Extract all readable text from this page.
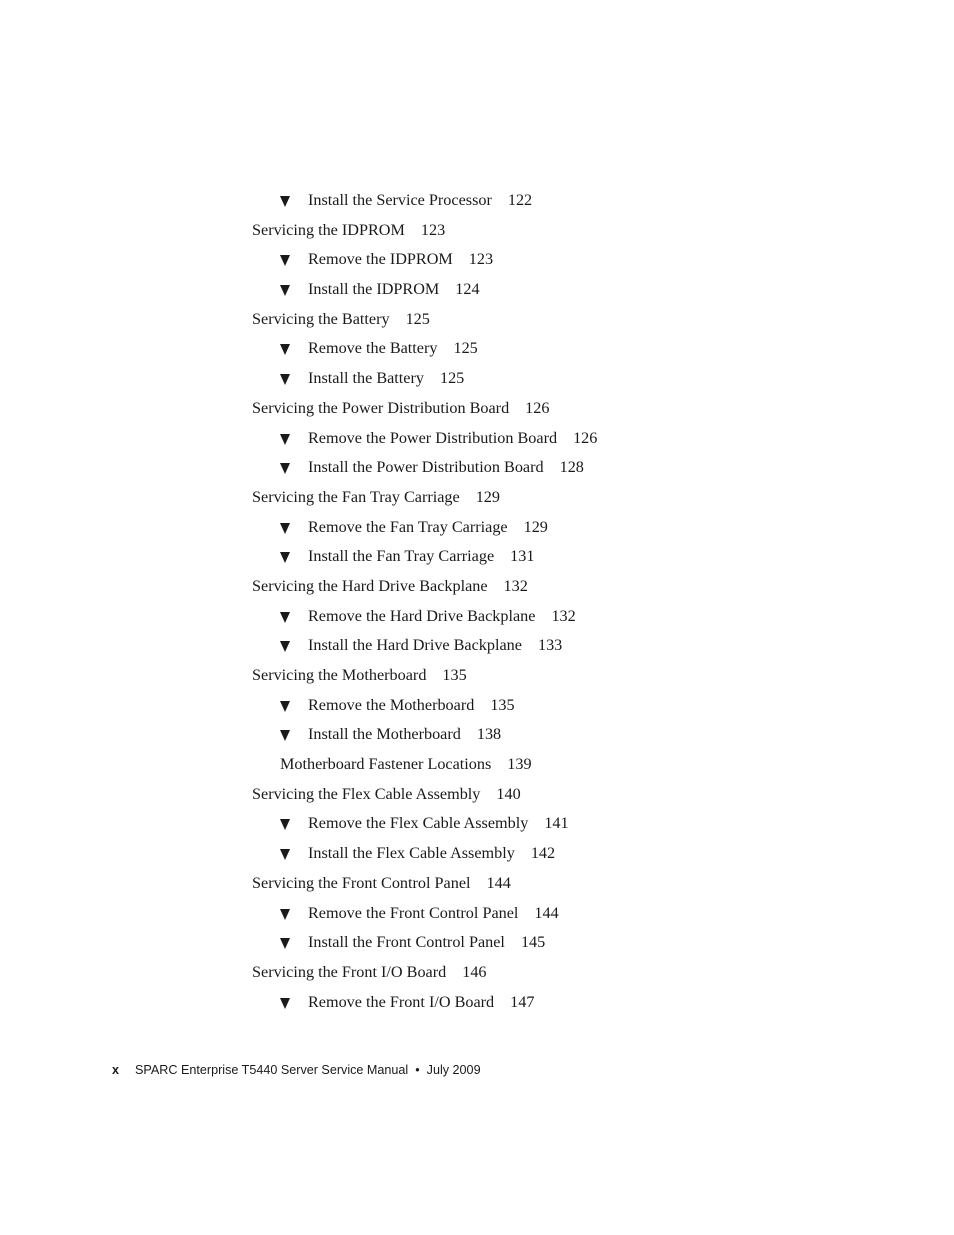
Install the Service Processor 122
Servicing the IDPROM 123
Remove the IDPROM 123
Install the IDPROM 124
Servicing the Battery 125
Remove the Battery 125
Install the Battery 125
Servicing the Power Distribution Board 126
Remove the Power Distribution Board 126
Install the Power Distribution Board 128
Servicing the Fan Tray Carriage 129
Remove the Fan Tray Carriage 129
Install the Fan Tray Carriage 131
Servicing the Hard Drive Backplane 132
Remove the Hard Drive Backplane 132
Install the Hard Drive Backplane 133
Servicing the Motherboard 135
Remove the Motherboard 135
Install the Motherboard 138
Motherboard Fastener Locations 139
Servicing the Flex Cable Assembly 140
Remove the Flex Cable Assembly 141
Install the Flex Cable Assembly 142
Servicing the Front Control Panel 144
Remove the Front Control Panel 144
Install the Front Control Panel 145
Servicing the Front I/O Board 146
Remove the Front I/O Board 147
x SPARC Enterprise T5440 Server Service Manual • July 2009
